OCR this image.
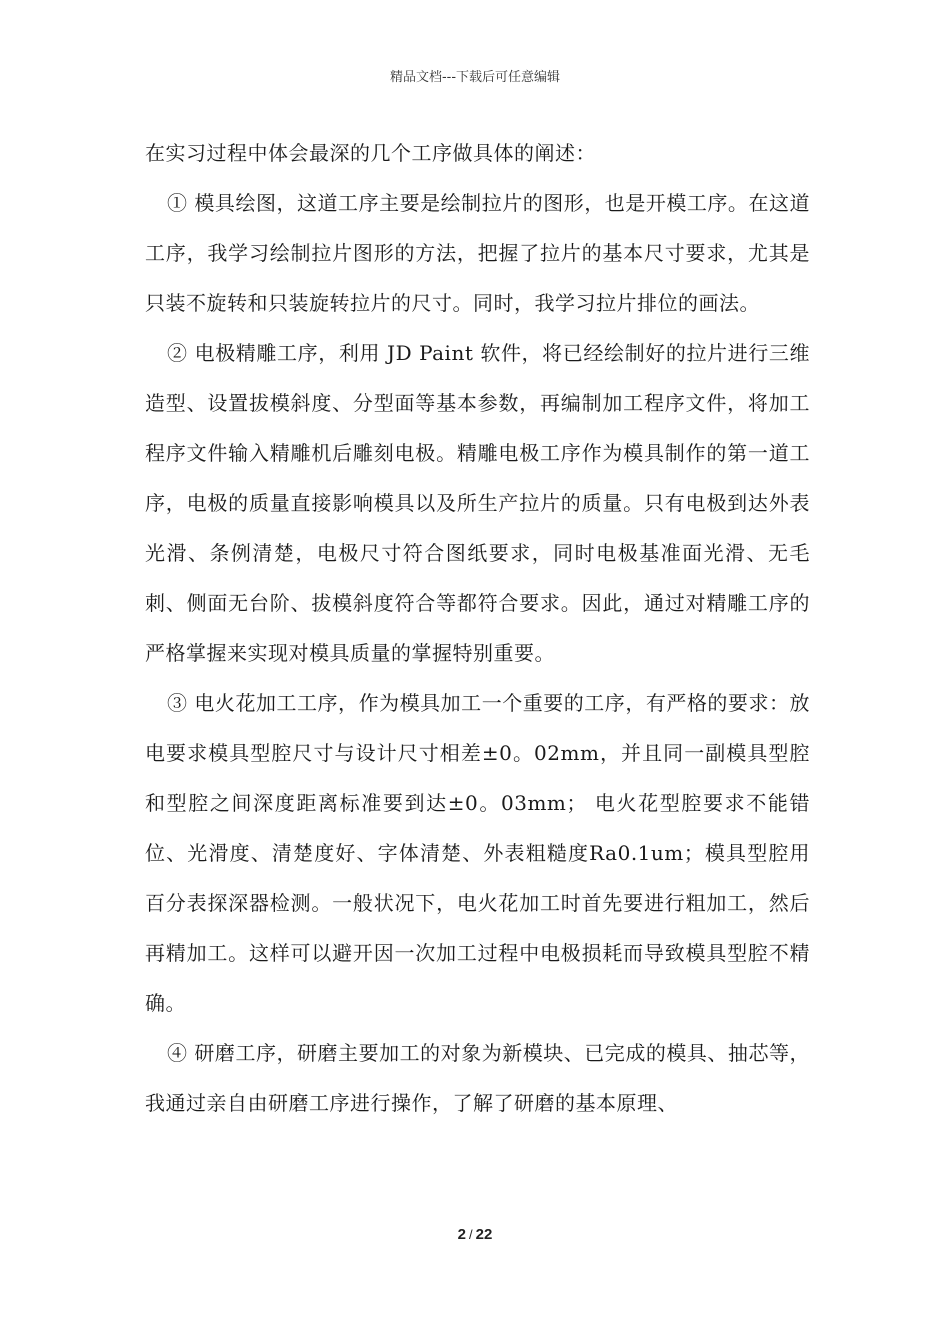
精品文档---下载后可任意编辑

在实习过程中体会最深的几个工序做具体的阐述：

① 模具绘图，这道工序主要是绘制拉片的图形，也是开模工序。在这道工序，我学习绘制拉片图形的方法，把握了拉片的基本尺寸要求，尤其是只装不旋转和只装旋转拉片的尺寸。同时，我学习拉片排位的画法。

② 电极精雕工序，利用 JD Paint 软件，将已经绘制好的拉片进行三维造型、设置拔模斜度、分型面等基本参数，再编制加工程序文件，将加工程序文件输入精雕机后雕刻电极。精雕电极工序作为模具制作的第一道工序，电极的质量直接影响模具以及所生产拉片的质量。只有电极到达外表光滑、条例清楚，电极尺寸符合图纸要求，同时电极基准面光滑、无毛刺、侧面无台阶、拔模斜度符合等都符合要求。因此，通过对精雕工序的严格掌握来实现对模具质量的掌握特别重要。

③ 电火花加工工序，作为模具加工一个重要的工序，有严格的要求：放电要求模具型腔尺寸与设计尺寸相差±0。02mm，并且同一副模具型腔和型腔之间深度距离标准要到达±0。03mm； 电火花型腔要求不能错位、光滑度、清楚度好、字体清楚、外表粗糙度Ra0.1um；模具型腔用百分表探深器检测。一般状况下，电火花加工时首先要进行粗加工，然后再精加工。这样可以避开因一次加工过程中电极损耗而导致模具型腔不精确。

④ 研磨工序，研磨主要加工的对象为新模块、已完成的模具、抽芯等，我通过亲自由研磨工序进行操作，了解了研磨的基本原理、

2 / 22
